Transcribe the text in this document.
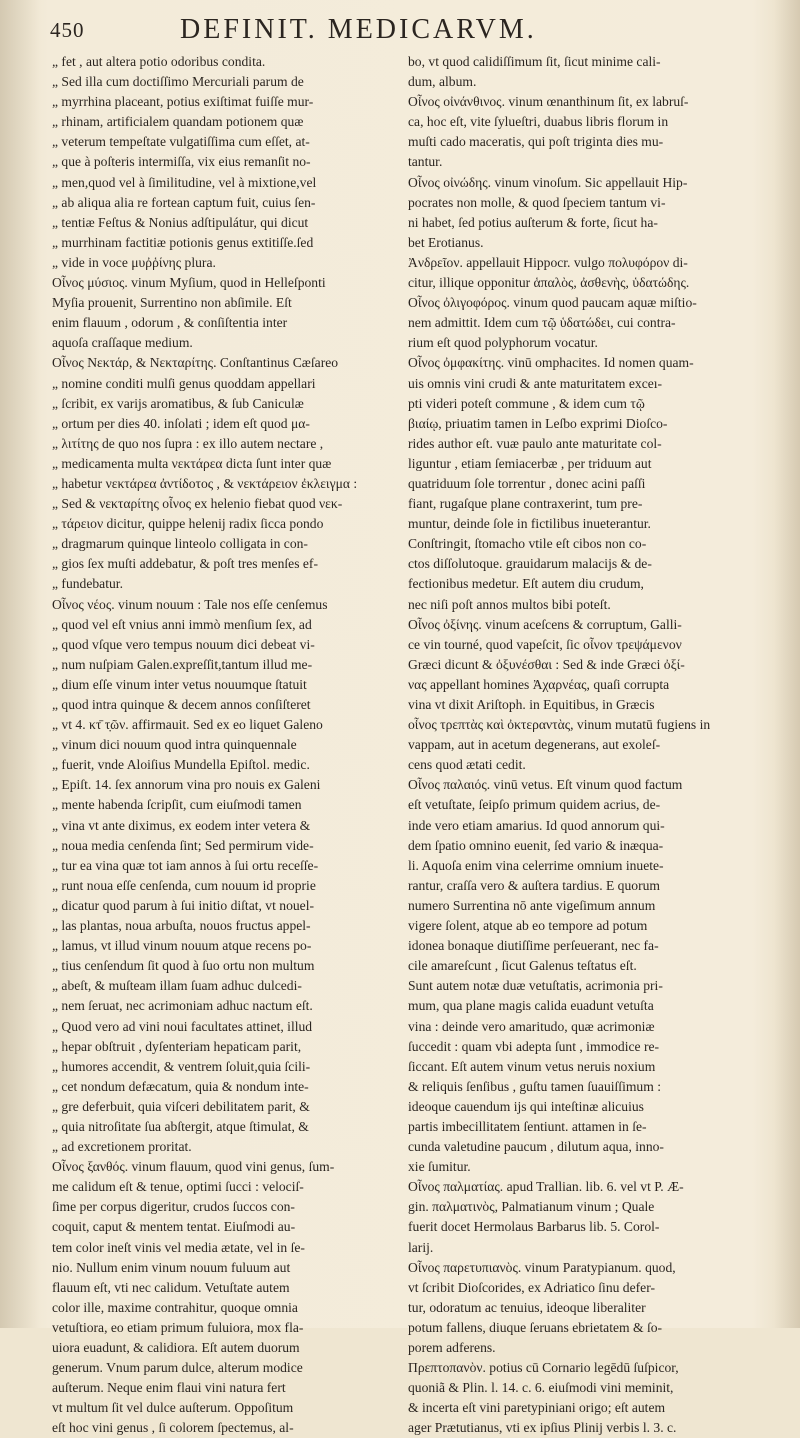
450	DEFINIT. MEDICARVM.
„ fet , aut altera potio odoribus condita.
„ Sed illa cum doctiſſimo Mercuriali parum de
„ myrrhina placeant, potius exiſtimat fuiſſe mur-
„ rhinam, artificialem quandam potionem quæ
„ veterum tempeſtate vulgatiſſima cum eſſet, at-
„ que à poſteris intermiſſa, vix eius remanſit no-
„ men,quod vel à ſimilitudine, vel à mixtione,vel
„ ab aliqua alia re fortean captum fuit, cuius ſen-
„ tentiæ Feſtus & Nonius adſtipulátur, qui dicut
„ murrhinam factitiæ potionis genus extitiſſe.ſed
„ vide in voce μυῤῥίνης plura.
Οἶνος μύσιος. vinum Myſium, quod in Helleſponti
Myſia prouenit, Surrentino non abſimile. Eſt
enim flauum , odorum , & conſiſtentia inter
aquoſa craſſaque medium.
Οἶνος Νεκτάρ, & Νεκταρίτης. Conſtantinus Cæſareo
„ nomine conditi mulſi genus quoddam appellari
„ ſcribit, ex varijs aromatibus, & ſub Caniculæ
„ ortum per dies 40. inſolati ; idem eſt quod μα-
„ λιτίτης de quo nos ſupra : ex illo autem nectare ,
„ medicamenta multa νεκτάρεα dicta ſunt inter quæ
„ habetur νεκτάρεα ἀντίδοτος , & νεκτάρειον ἐκλειγμα :
„ Sed & νεκταρίτης οἶνος ex helenio fiebat quod νεκ-
„ τάρειον dicitur, quippe helenij radix ſicca pondo
„ dragmarum quinque linteolo colligata in con-
„ gios ſex muſti addebatur, & poſt tres menſes ef-
„ fundebatur.
Οἶνος νέος. vinum nouum : Tale nos eſſe cenſemus
„ quod vel eſt vnius anni immò menſium ſex, ad
„ quod vſque vero tempus nouum dici debeat vi-
„ num nuſpiam Galen.expreſſit,tantum illud me-
„ dium eſſe vinum inter vetus nouumque ſtatuit
„ quod intra quinque & decem annos conſiſteret
„ vt 4. κτ̄ τ̣ῶν. affirmauit. Sed ex eo liquet Galeno
„ vinum dici nouum quod intra quinquennale
„ fuerit, vnde Aloiſius Mundella Epiſtol. medic.
„ Epiſt. 14. ſex annorum vina pro nouis ex Galeni
„ mente habenda ſcripſit, cum eiuſmodi tamen
„ vina vt ante diximus, ex eodem inter vetera &
„ noua media cenſenda ſint; Sed permirum vide-
„ tur ea vina quæ tot iam annos à ſui ortu receſſe-
„ runt noua eſſe cenſenda, cum nouum id proprie
„ dicatur quod parum à ſui initio diſtat, vt nouel-
„ las plantas, noua arbuſta, nouos fructus appel-
„ lamus, vt illud vinum nouum atque recens po-
„ tius cenſendum ſit quod à ſuo ortu non multum
„ abeſt, & muſteam illam ſuam adhuc dulcedi-
„ nem ſeruat, nec acrimoniam adhuc nactum eſt.
„ Quod vero ad vini noui facultates attinet, illud
„ hepar obſtruit , dyſenteriam hepaticam parit,
„ humores accendit, & ventrem ſoluit,quia ſcili-
„ cet nondum defæcatum, quia & nondum inte-
„ gre deferbuit, quia viſceri debilitatem parit, &
„ quia nitroſitate ſua abſtergit, atque ſtimulat, &
„ ad excretionem proritat.
Οἶνος ξανθός. vinum flauum, quod vini genus, ſum-
me calidum eſt & tenue, optimi ſucci : velociſ-
ſime per corpus digeritur, crudos ſuccos con-
coquit, caput & mentem tentat. Eiuſmodi au-
tem color ineſt vinis vel media ætate, vel in ſe-
nio. Nullum enim vinum nouum fuluum aut
flauum eſt, vti nec calidum. Vetuſtate autem
color ille, maxime contrahitur, quoque omnia
vetuſtiora, eo etiam primum fuluiora, mox fla-
uiora euadunt, & calidiora. Eſt autem duorum
generum. Vnum parum dulce, alterum modice
auſterum. Neque enim flaui vini natura fert
vt multum ſit vel dulce auſterum. Oppoſitum
eſt hoc vini genus , ſi colorem ſpectemus, al-
bo, vt quod calidiſſimum ſit, ſicut minime cali-
dum, album.
Οἶνος οἰνάνθινος. vinum œnanthinum ſit, ex labruſ-
ca, hoc eſt, vite ſylueſtri, duabus libris florum in
muſti cado maceratis, qui poſt triginta dies mu-
tantur.
Οἶνος οἰνώδης. vinum vinoſum. Sic appellauit Hip-
pocrates non molle, & quod ſpeciem tantum vi-
ni habet, ſed potius auſterum & forte, ſicut ha-
bet Erotianus.
Ἀνδρεῖον. appellauit Hippocr. vulgo πολυφόρον di-
citur, illique opponitur ἁπαλὸς, ἀσθενὴς, ὑδατώδης.
Οἶνος ὀλιγοφόρος. vinum quod paucam aquæ miſtio-
nem admittit. Idem cum τῷ ὑδατώδει, cui contra-
rium eſt quod polyphorum vocatur.
Οἶνος ὀμφακίτης. vinū omphacites. Id nomen quam-
uis omnis vini crudi & ante maturitatem exceı-
pti videri poteſt commune , & idem cum τῷ
βιαίῳ, priuatim tamen in Leſbo exprimi Dioſco-
rides author eſt. vuæ paulo ante maturitate col-
liguntur , etiam ſemiacerbæ , per triduum aut
quatriduum ſole torrentur , donec acini paſſi
fiant, rugaſque plane contraxerint, tum pre-
muntur, deinde ſole in fictilibus inueterantur.
Conſtringit, ſtomacho vtile eſt cibos non co-
ctos diſſolutoque. grauidarum malacijs & de-
fectionibus medetur. Eſt autem diu crudum,
nec niſi poſt annos multos bibi poteſt.
Οἶνος ὀξίνης. vinum aceſcens & corruptum, Galli-
ce vin tourné, quod vapeſcit, ſic οἶνον τρεψάμενον
Græci dicunt & ὀξυνέσθαι : Sed & inde Græci ὀξί-
νας appellant homines Ἀχαρνέας, quaſi corrupta
vina vt dixit Ariſtoph. in Equitibus, in Græcis
οἶνος τρεπτὰς καὶ ὀκτεραντὰς, vinum mutatū fugiens in
vappam, aut in acetum degenerans, aut exoleſ-
cens quod ætati cedit.
Οἶνος παλαιός. vinū vetus. Eſt vinum quod factum
eſt vetuſtate, ſeipſo primum quidem acrius, de-
inde vero etiam amarius. Id quod annorum qui-
dem ſpatio omnino euenit, ſed vario & inæqua-
li. Aquoſa enim vina celerrime omnium inuete-
rantur, craſſa vero & auſtera tardius. E quorum
numero Surrentina nō ante vigeſimum annum
vigere ſolent, atque ab eo tempore ad potum
idonea bonaque diutiſſime perſeuerant, nec fa-
cile amareſcunt , ſicut Galenus teſtatus eſt.
Sunt autem notæ duæ vetuſtatis, acrimonia pri-
mum, qua plane magis calida euadunt vetuſta
vina : deinde vero amaritudo, quæ acrimoniæ
ſuccedit : quam vbi adepta ſunt , immodice re-
ſiccant. Eſt autem vinum vetus neruis noxium
& reliquis ſenſibus , guſtu tamen ſuauiſſimum :
ideoque cauendum ijs qui inteſtinæ alicuius
partis imbecillitatem ſentiunt. attamen in ſe-
cunda valetudine paucum , dilutum aqua, inno-
xie ſumitur.
Οἶνος παλματίας. apud Trallian. lib. 6. vel vt P. Æ-
gin. παλματινὸς, Palmatianum vinum ; Quale
fuerit docet Hermolaus Barbarus lib. 5. Corol-
larij.
Οἶνος παρετυπιανὸς. vinum Paratypianum. quod,
vt ſcribit Dioſcorides, ex Adriatico ſinu defer-
tur, odoratum ac tenuius, ideoque liberaliter
potum fallens, diuque ſeruans ebrietatem & ſo-
porem adferens.
Πρεπτοπανὸν. potius cū Cornario legēdū ſuſpicor,
quoniã & Plin. l. 14. c. 6. eiuſmodi vini meminit,
& incerta eſt vini paretypiniani origo; eſt autem
ager Prætutianus, vti ex ipſius Plinij verbis l. 3. c.
